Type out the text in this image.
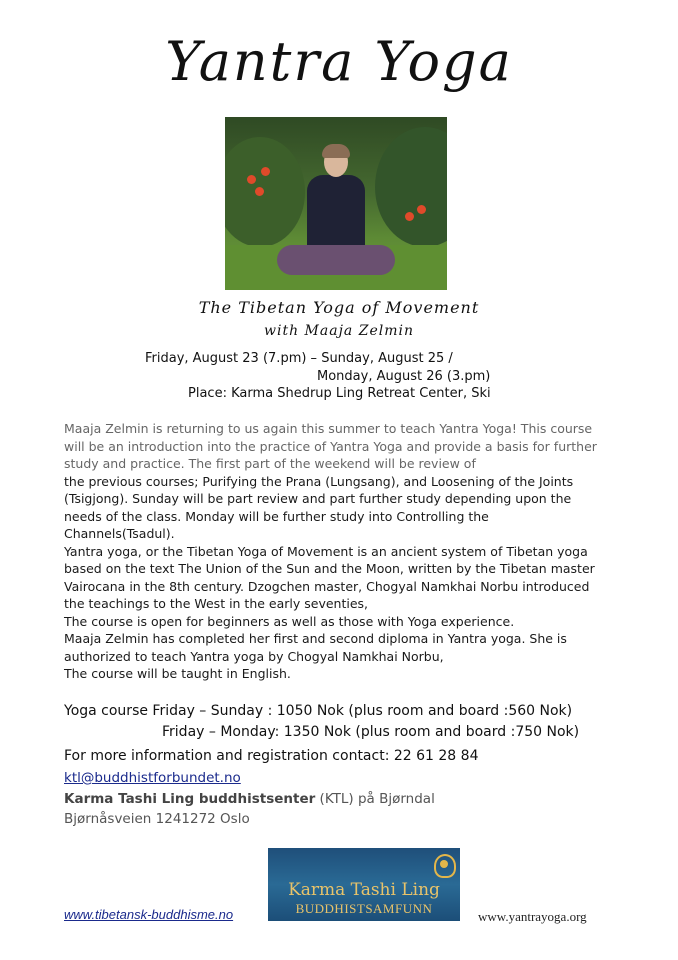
Yantra Yoga

The Tibetan Yoga of Movement

with Maaja Zelmin

Friday, August 23 (7.pm) – Sunday, August 25 /
Monday, August 26 (3.pm)
Place: Karma Shedrup Ling Retreat Center, Ski

Maaja Zelmin is returning to us again this summer to teach Yantra Yoga! This course

will be an introduction into the practice of Yantra Yoga and provide a basis for further

study and practice. The first part of the weekend will be review of

the previous courses; Purifying the Prana (Lungsang), and Loosening of the Joints

(Tsigjong). Sunday will be part review and part further study depending upon the

needs of the class. Monday will be further study into Controlling the

Channels(Tsadul).

Yantra yoga, or the Tibetan Yoga of Movement is an ancient system of Tibetan yoga

based on the text The Union of the Sun and the Moon, written by the Tibetan master

Vairocana in the 8th century. Dzogchen master, Chogyal Namkhai Norbu introduced

the teachings to the West in the early seventies,

The course is open for beginners as well as those with Yoga experience.

Maaja Zelmin has completed her first and second diploma in Yantra yoga. She is

authorized to teach Yantra yoga by Chogyal Namkhai Norbu,

The course will be taught in English.

Yoga course Friday – Sunday : 1050 Nok (plus room and board :560 Nok)
Friday – Monday: 1350 Nok (plus room and board :750 Nok)
For more information and registration contact: 22 61 28 84
ktl@buddhistforbundet.no
Karma Tashi Ling buddhistsenter (KTL) på Bjørndal
Bjørnåsveien 1241272 Oslo
Karma Tashi Ling
BUDDHISTSAMFUNN
www.tibetansk-buddhisme.no	www.yantrayoga.org
